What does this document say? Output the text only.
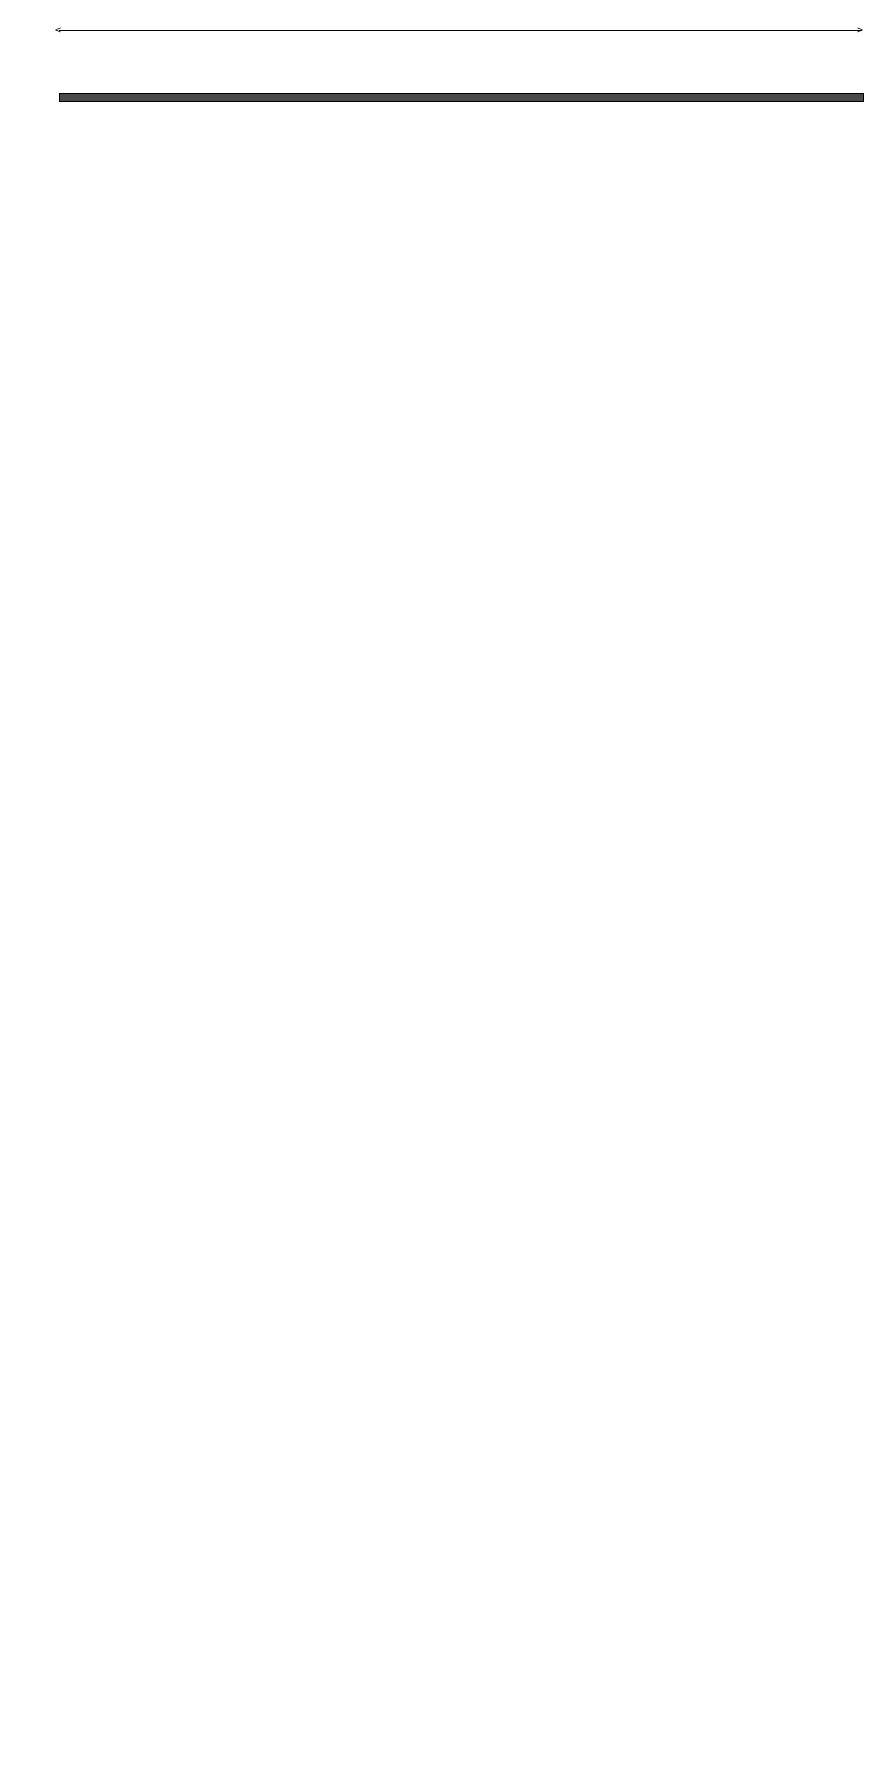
<	>
